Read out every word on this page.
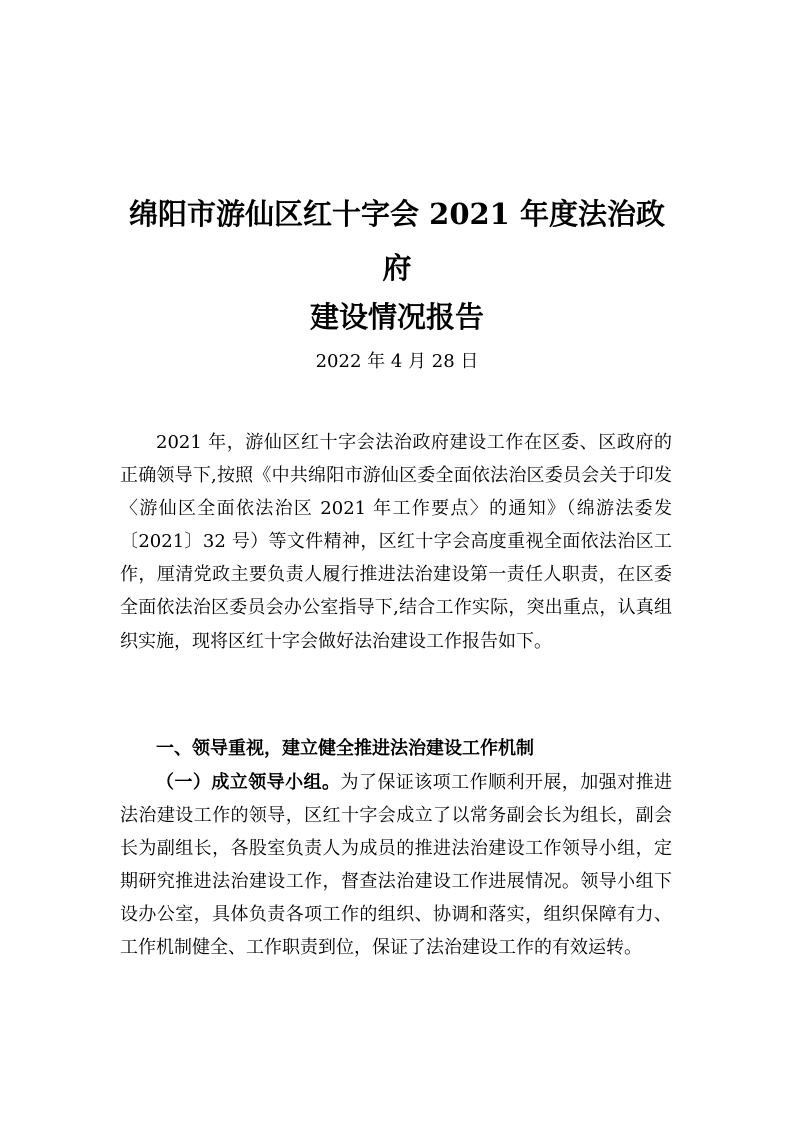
绵阳市游仙区红十字会 2021 年度法治政
府
建设情况报告
2022 年 4 月 28 日

2021 年，游仙区红十字会法治政府建设工作在区委、区政府的正确领导下,按照《中共绵阳市游仙区委全面依法治区委员会关于印发〈游仙区全面依法治区 2021 年工作要点〉的通知》（绵游法委发〔2021〕32 号）等文件精神，区红十字会高度重视全面依法治区工作，厘清党政主要负责人履行推进法治建设第一责任人职责，在区委全面依法治区委员会办公室指导下,结合工作实际，突出重点，认真组织实施，现将区红十字会做好法治建设工作报告如下。

一、领导重视，建立健全推进法治建设工作机制

（一）成立领导小组。为了保证该项工作顺利开展，加强对推进法治建设工作的领导，区红十字会成立了以常务副会长为组长，副会长为副组长，各股室负责人为成员的推进法治建设工作领导小组，定期研究推进法治建设工作，督查法治建设工作进展情况。领导小组下设办公室，具体负责各项工作的组织、协调和落实，组织保障有力、工作机制健全、工作职责到位，保证了法治建设工作的有效运转。
